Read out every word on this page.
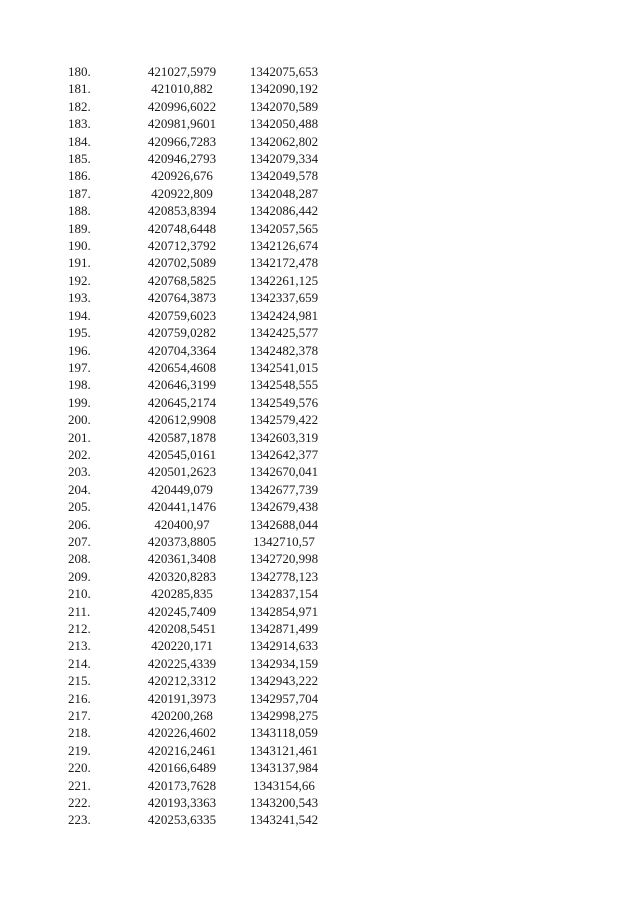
180.	421027,5979	1342075,653
181.	421010,882	1342090,192
182.	420996,6022	1342070,589
183.	420981,9601	1342050,488
184.	420966,7283	1342062,802
185.	420946,2793	1342079,334
186.	420926,676	1342049,578
187.	420922,809	1342048,287
188.	420853,8394	1342086,442
189.	420748,6448	1342057,565
190.	420712,3792	1342126,674
191.	420702,5089	1342172,478
192.	420768,5825	1342261,125
193.	420764,3873	1342337,659
194.	420759,6023	1342424,981
195.	420759,0282	1342425,577
196.	420704,3364	1342482,378
197.	420654,4608	1342541,015
198.	420646,3199	1342548,555
199.	420645,2174	1342549,576
200.	420612,9908	1342579,422
201.	420587,1878	1342603,319
202.	420545,0161	1342642,377
203.	420501,2623	1342670,041
204.	420449,079	1342677,739
205.	420441,1476	1342679,438
206.	420400,97	1342688,044
207.	420373,8805	1342710,57
208.	420361,3408	1342720,998
209.	420320,8283	1342778,123
210.	420285,835	1342837,154
211.	420245,7409	1342854,971
212.	420208,5451	1342871,499
213.	420220,171	1342914,633
214.	420225,4339	1342934,159
215.	420212,3312	1342943,222
216.	420191,3973	1342957,704
217.	420200,268	1342998,275
218.	420226,4602	1343118,059
219.	420216,2461	1343121,461
220.	420166,6489	1343137,984
221.	420173,7628	1343154,66
222.	420193,3363	1343200,543
223.	420253,6335	1343241,542
